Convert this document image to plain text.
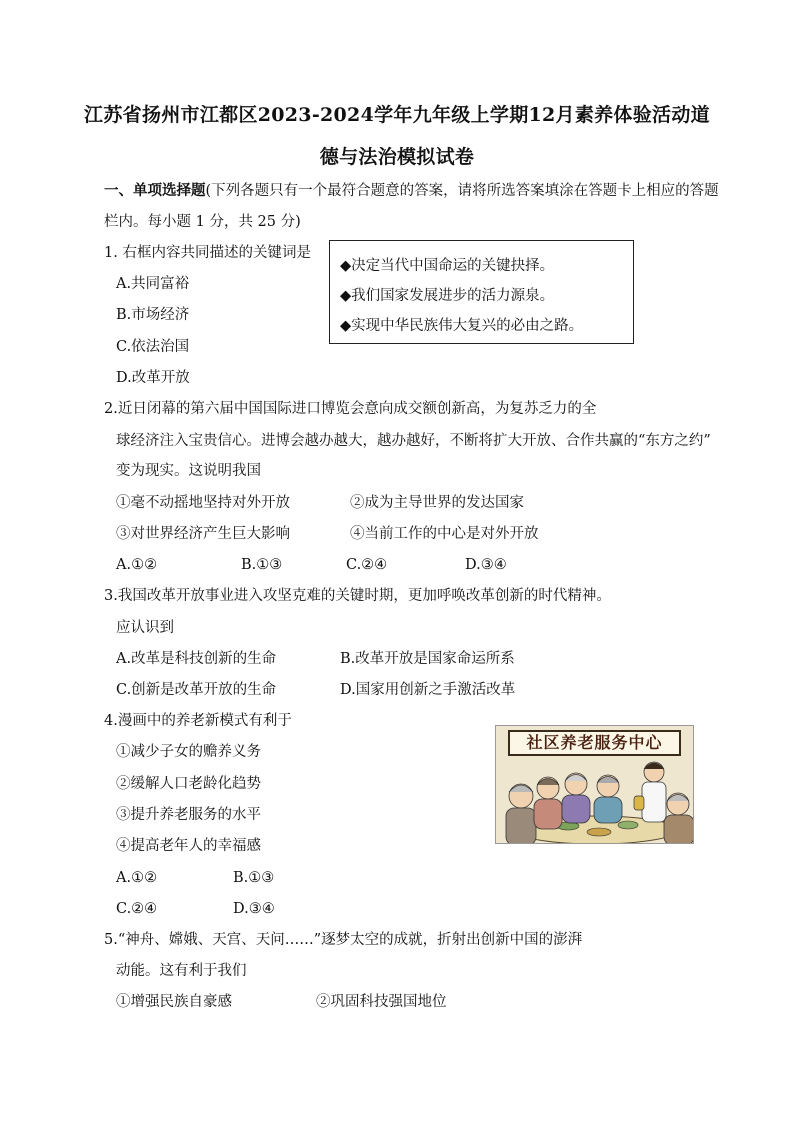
江苏省扬州市江都区2023-2024学年九年级上学期12月素养体验活动道
德与法治模拟试卷
一、单项选择题(下列各题只有一个最符合题意的答案，请将所选答案填涂在答题卡上相应的答题
栏内。每小题 1 分，共 25 分)
1. 右框内容共同描述的关键词是
A.共同富裕
B.市场经济
C.依法治国
D.改革开放
◆决定当代中国命运的关键抉择。
◆我们国家发展进步的活力源泉。
◆实现中华民族伟大复兴的必由之路。
2.近日闭幕的第六届中国国际进口博览会意向成交额创新高，为复苏乏力的全
球经济注入宝贵信心。进博会越办越大，越办越好，不断将扩大开放、合作共赢的“东方之约”
变为现实。这说明我国
①毫不动摇地坚持对外开放	②成为主导世界的发达国家
③对世界经济产生巨大影响	④当前工作的中心是对外开放
A.①②	B.①③	C.②④	D.③④
3.我国改革开放事业进入攻坚克难的关键时期，更加呼唤改革创新的时代精神。
应认识到
A.改革是科技创新的生命	B.改革开放是国家命运所系
C.创新是改革开放的生命	D.国家用创新之手激活改革
4.漫画中的养老新模式有利于
①减少子女的赡养义务
②缓解人口老龄化趋势
③提升养老服务的水平
④提高老年人的幸福感
A.①②	B.①③
C.②④	D.③④
社区养老服务中心
5.“神舟、嫦娥、天宫、天问……”逐梦太空的成就，折射出创新中国的澎湃
动能。这有利于我们
①增强民族自豪感	②巩固科技强国地位
